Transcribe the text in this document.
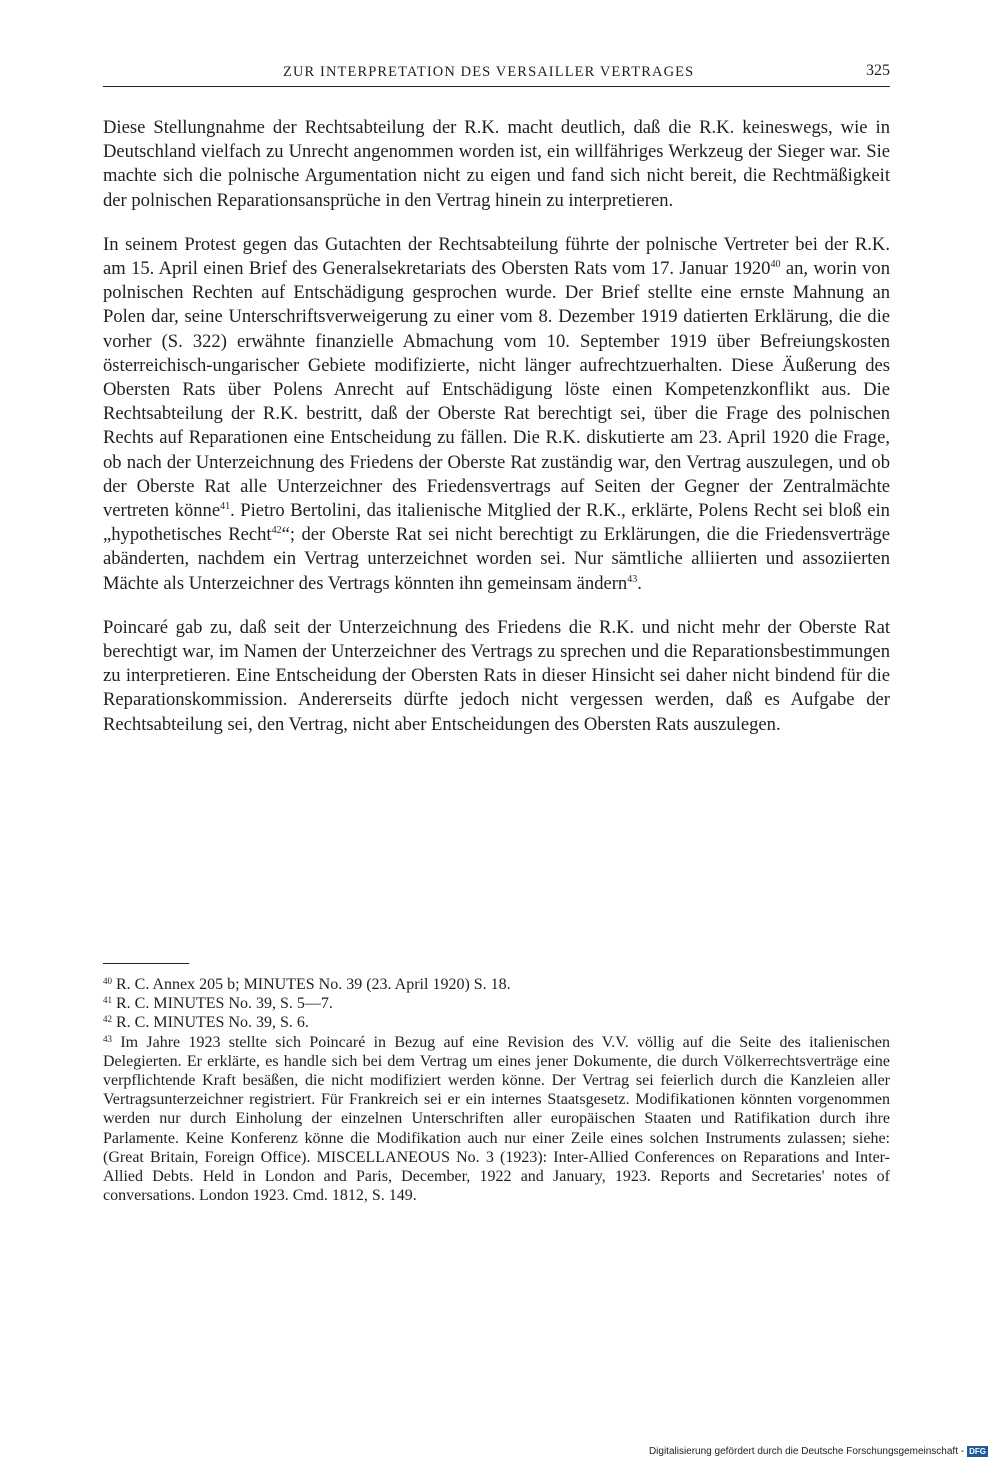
ZUR INTERPRETATION DES VERSAILLER VERTRAGES	325

Diese Stellungnahme der Rechtsabteilung der R.K. macht deutlich, daß die R.K. keineswegs, wie in Deutschland vielfach zu Unrecht angenommen worden ist, ein willfähriges Werkzeug der Sieger war. Sie machte sich die polnische Argumentation nicht zu eigen und fand sich nicht bereit, die Rechtmäßigkeit der polnischen Reparationsansprüche in den Vertrag hinein zu interpretieren.

In seinem Protest gegen das Gutachten der Rechtsabteilung führte der polnische Vertreter bei der R.K. am 15. April einen Brief des Generalsekretariats des Obersten Rats vom 17. Januar 1920$^{40}$ an, worin von polnischen Rechten auf Entschädigung gesprochen wurde. Der Brief stellte eine ernste Mahnung an Polen dar, seine Unterschriftsverweigerung zu einer vom 8. Dezember 1919 datierten Erklärung, die die vorher (S. 322) erwähnte finanzielle Abmachung vom 10. September 1919 über Befreiungskosten österreichisch-ungarischer Gebiete modifizierte, nicht länger aufrechtzuerhalten. Diese Äußerung des Obersten Rats über Polens Anrecht auf Entschädigung löste einen Kompetenzkonflikt aus. Die Rechtsabteilung der R.K. bestritt, daß der Oberste Rat berechtigt sei, über die Frage des polnischen Rechts auf Reparationen eine Entscheidung zu fällen. Die R.K. diskutierte am 23. April 1920 die Frage, ob nach der Unterzeichnung des Friedens der Oberste Rat zuständig war, den Vertrag auszulegen, und ob der Oberste Rat alle Unterzeichner des Friedensvertrags auf Seiten der Gegner der Zentralmächte vertreten könne$^{41}$. Pietro Bertolini, das italienische Mitglied der R.K., erklärte, Polens Recht sei bloß ein „hypothetisches Recht$^{42}$“; der Oberste Rat sei nicht berechtigt zu Erklärungen, die die Friedensverträge abänderten, nachdem ein Vertrag unterzeichnet worden sei. Nur sämtliche alliierten und assoziierten Mächte als Unterzeichner des Vertrags könnten ihn gemeinsam ändern$^{43}$.

Poincaré gab zu, daß seit der Unterzeichnung des Friedens die R.K. und nicht mehr der Oberste Rat berechtigt war, im Namen der Unterzeichner des Vertrags zu sprechen und die Reparationsbestimmungen zu interpretieren. Eine Entscheidung der Obersten Rats in dieser Hinsicht sei daher nicht bindend für die Reparationskommission. Andererseits dürfte jedoch nicht vergessen werden, daß es Aufgabe der Rechtsabteilung sei, den Vertrag, nicht aber Entscheidungen des Obersten Rats auszulegen.

$^{40}$ R. C. Annex 205 b; MINUTES No. 39 (23. April 1920) S. 18.

$^{41}$ R. C. MINUTES No. 39, S. 5—7.

$^{42}$ R. C. MINUTES No. 39, S. 6.

$^{43}$ Im Jahre 1923 stellte sich Poincaré in Bezug auf eine Revision des V.V. völlig auf die Seite des italienischen Delegierten. Er erklärte, es handle sich bei dem Vertrag um eines jener Dokumente, die durch Völkerrechtsverträge eine verpflichtende Kraft besäßen, die nicht modifiziert werden könne. Der Vertrag sei feierlich durch die Kanzleien aller Vertragsunterzeichner registriert. Für Frankreich sei er ein internes Staatsgesetz. Modifikationen könnten vorgenommen werden nur durch Einholung der einzelnen Unterschriften aller europäischen Staaten und Ratifikation durch ihre Parlamente. Keine Konferenz könne die Modifikation auch nur einer Zeile eines solchen Instruments zulassen; siehe: (Great Britain, Foreign Office). MISCELLANEOUS No. 3 (1923): Inter-Allied Conferences on Reparations and Inter-Allied Debts. Held in London and Paris, December, 1922 and January, 1923. Reports and Secretaries' notes of conversations. London 1923. Cmd. 1812, S. 149.

Digitalisierung gefördert durch die Deutsche Forschungsgemeinschaft - DFG
